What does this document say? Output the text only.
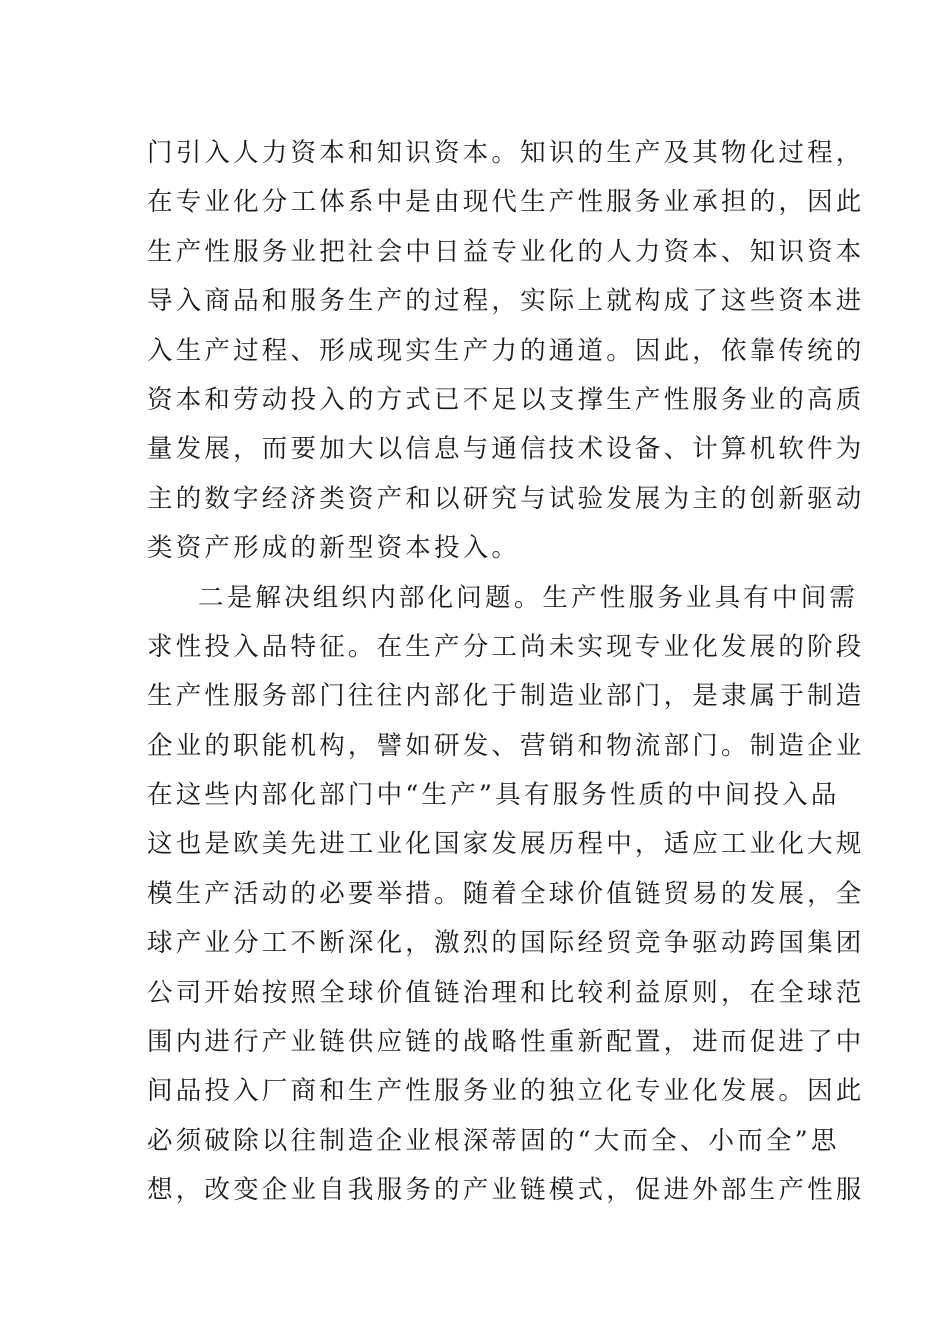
门引入人力资本和知识资本。知识的生产及其物化过程，
在专业化分工体系中是由现代生产性服务业承担的，因此
生产性服务业把社会中日益专业化的人力资本、知识资本
导入商品和服务生产的过程，实际上就构成了这些资本进
入生产过程、形成现实生产力的通道。因此，依靠传统的
资本和劳动投入的方式已不足以支撑生产性服务业的高质
量发展，而要加大以信息与通信技术设备、计算机软件为
主的数字经济类资产和以研究与试验发展为主的创新驱动
类资产形成的新型资本投入。
二是解决组织内部化问题。生产性服务业具有中间需
求性投入品特征。在生产分工尚未实现专业化发展的阶段
生产性服务部门往往内部化于制造业部门，是隶属于制造
企业的职能机构，譬如研发、营销和物流部门。制造企业
在这些内部化部门中“生产”具有服务性质的中间投入品
这也是欧美先进工业化国家发展历程中，适应工业化大规
模生产活动的必要举措。随着全球价值链贸易的发展，全
球产业分工不断深化，激烈的国际经贸竞争驱动跨国集团
公司开始按照全球价值链治理和比较利益原则，在全球范
围内进行产业链供应链的战略性重新配置，进而促进了中
间品投入厂商和生产性服务业的独立化专业化发展。因此
必须破除以往制造企业根深蒂固的“大而全、小而全”思
想，改变企业自我服务的产业链模式，促进外部生产性服
